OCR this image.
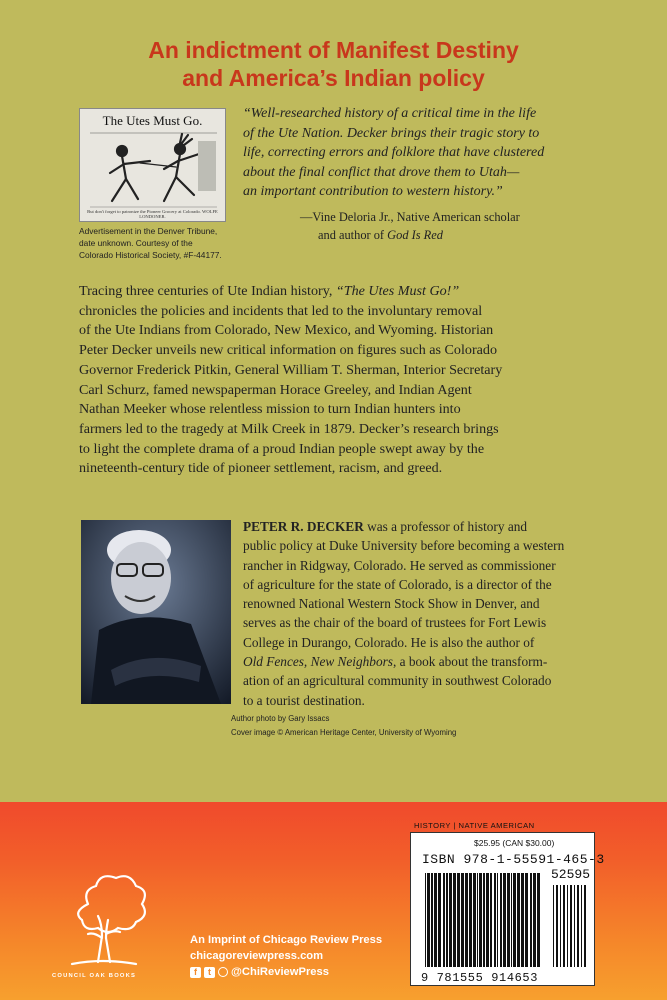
An indictment of Manifest Destiny
and America’s Indian policy
The Utes Must Go.
But don't forget to patronize the Pioneer Grocery at Colorado. WOLFE LONDONER.
Advertisement in the Denver Tribune,
date unknown. Courtesy of the
Colorado Historical Society, #F-44177.
“Well-researched history of a critical time in the life
of the Ute Nation. Decker brings their tragic story to
life, correcting errors and folklore that have clustered
about the final conflict that drove them to Utah—
an important contribution to western history.”
—Vine Deloria Jr., Native American scholar
and author of God Is Red
Tracing three centuries of Ute Indian history, “The Utes Must Go!”
chronicles the policies and incidents that led to the involuntary removal
of the Ute Indians from Colorado, New Mexico, and Wyoming. Historian
Peter Decker unveils new critical information on figures such as Colorado
Governor Frederick Pitkin, General William T. Sherman, Interior Secretary
Carl Schurz, famed newspaperman Horace Greeley, and Indian Agent
Nathan Meeker whose relentless mission to turn Indian hunters into
farmers led to the tragedy at Milk Creek in 1879. Decker’s research brings
to light the complete drama of a proud Indian people swept away by the
nineteenth-century tide of pioneer settlement, racism, and greed.
PETER R. DECKER was a professor of history and
public policy at Duke University before becoming a western
rancher in Ridgway, Colorado. He served as commissioner
of agriculture for the state of Colorado, is a director of the
renowned National Western Stock Show in Denver, and
serves as the chair of the board of trustees for Fort Lewis
College in Durango, Colorado. He is also the author of
Old Fences, New Neighbors, a book about the transform-
ation of an agricultural community in southwest Colorado
to a tourist destination.
Author photo by Gary Issacs
Cover image © American Heritage Center, University of Wyoming
HISTORY | NATIVE AMERICAN
$25.95 (CAN $30.00)
ISBN 978-1-55591-465-3
52595
9 781555 914653
COUNCIL OAK BOOKS
An Imprint of Chicago Review Press
chicagoreviewpress.com
f	t	@ChiReviewPress
